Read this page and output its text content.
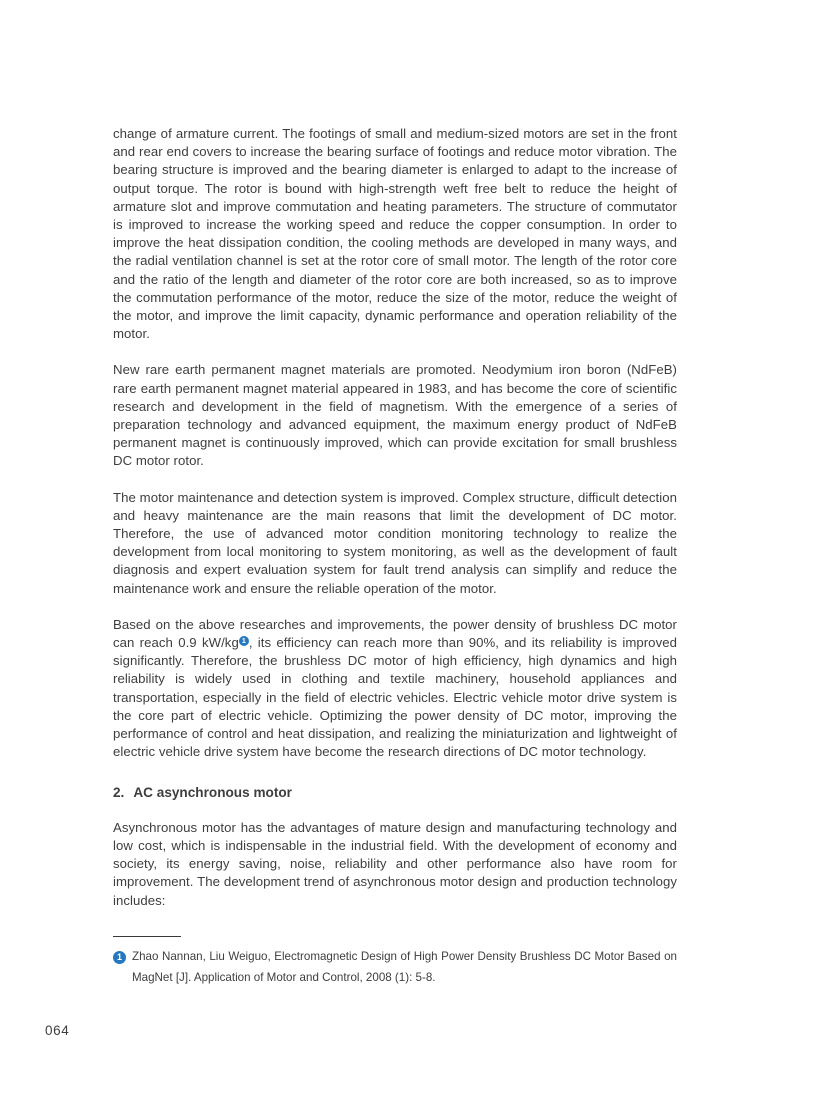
change of armature current. The footings of small and medium-sized motors are set in the front and rear end covers to increase the bearing surface of footings and reduce motor vibration. The bearing structure is improved and the bearing diameter is enlarged to adapt to the increase of output torque. The rotor is bound with high-strength weft free belt to reduce the height of armature slot and improve commutation and heating parameters. The structure of commutator is improved to increase the working speed and reduce the copper consumption. In order to improve the heat dissipation condition, the cooling methods are developed in many ways, and the radial ventilation channel is set at the rotor core of small motor. The length of the rotor core and the ratio of the length and diameter of the rotor core are both increased, so as to improve the commutation performance of the motor, reduce the size of the motor, reduce the weight of the motor, and improve the limit capacity, dynamic performance and operation reliability of the motor.

New rare earth permanent magnet materials are promoted. Neodymium iron boron (NdFeB) rare earth permanent magnet material appeared in 1983, and has become the core of scientific research and development in the field of magnetism. With the emergence of a series of preparation technology and advanced equipment, the maximum energy product of NdFeB permanent magnet is continuously improved, which can provide excitation for small brushless DC motor rotor.

The motor maintenance and detection system is improved. Complex structure, difficult detection and heavy maintenance are the main reasons that limit the development of DC motor. Therefore, the use of advanced motor condition monitoring technology to realize the development from local monitoring to system monitoring, as well as the development of fault diagnosis and expert evaluation system for fault trend analysis can simplify and reduce the maintenance work and ensure the reliable operation of the motor.

Based on the above researches and improvements, the power density of brushless DC motor can reach 0.9 kW/kg 1 , its efficiency can reach more than 90%, and its reliability is improved significantly. Therefore, the brushless DC motor of high efficiency, high dynamics and high reliability is widely used in clothing and textile machinery, household appliances and transportation, especially in the field of electric vehicles. Electric vehicle motor drive system is the core part of electric vehicle. Optimizing the power density of DC motor, improving the performance of control and heat dissipation, and realizing the miniaturization and lightweight of electric vehicle drive system have become the research directions of DC motor technology.

2. AC asynchronous motor

Asynchronous motor has the advantages of mature design and manufacturing technology and low cost, which is indispensable in the industrial field. With the development of economy and society, its energy saving, noise, reliability and other performance also have room for improvement. The development trend of asynchronous motor design and production technology includes:

1 Zhao Nannan, Liu Weiguo, Electromagnetic Design of High Power Density Brushless DC Motor Based on MagNet [J]. Application of Motor and Control, 2008 (1): 5-8.
064
